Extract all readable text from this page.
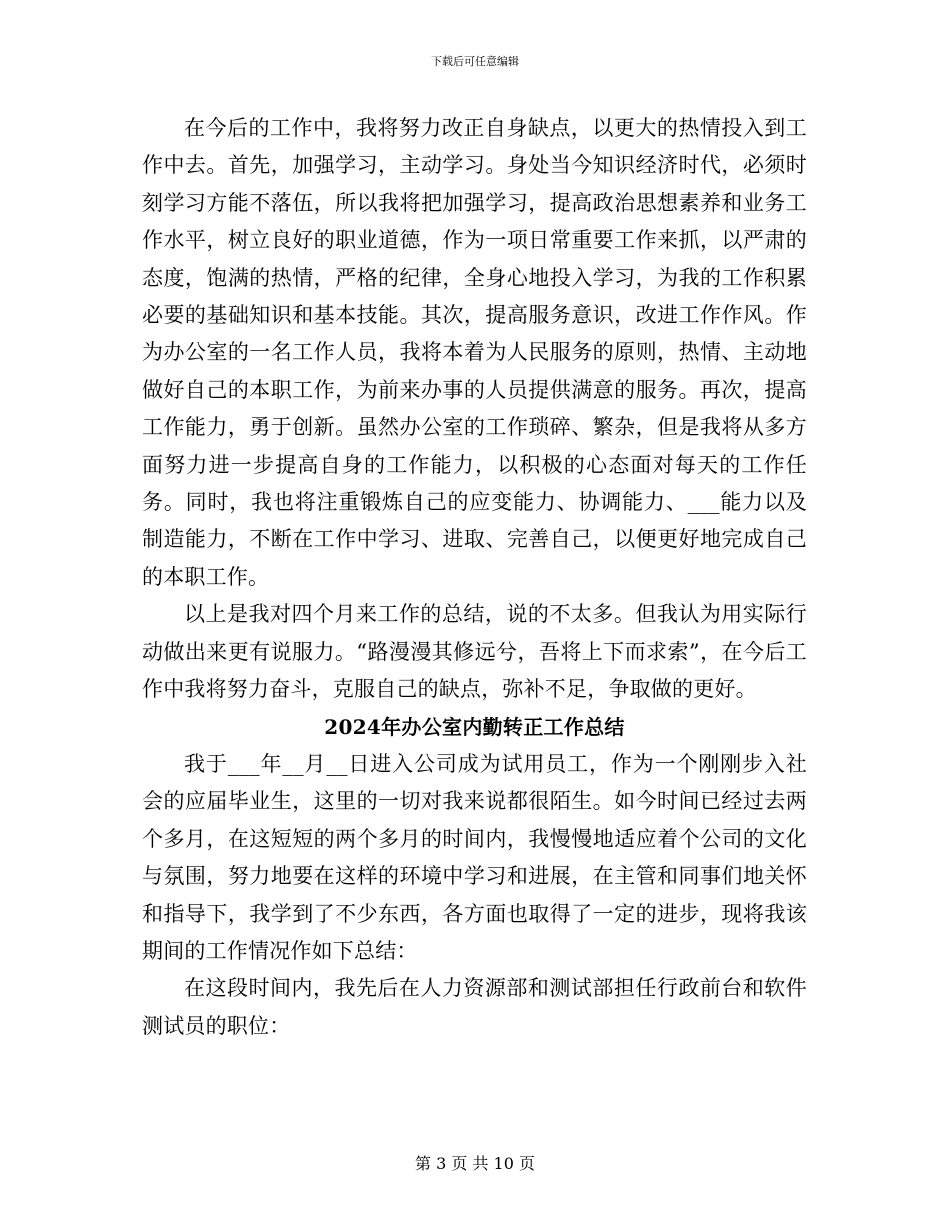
下载后可任意编辑

在今后的工作中，我将努力改正自身缺点，以更大的热情投入到工作中去。首先，加强学习，主动学习。身处当今知识经济时代，必须时刻学习方能不落伍，所以我将把加强学习，提高政治思想素养和业务工作水平，树立良好的职业道德，作为一项日常重要工作来抓，以严肃的态度，饱满的热情，严格的纪律，全身心地投入学习，为我的工作积累必要的基础知识和基本技能。其次，提高服务意识，改进工作作风。作为办公室的一名工作人员，我将本着为人民服务的原则，热情、主动地做好自己的本职工作，为前来办事的人员提供满意的服务。再次，提高工作能力，勇于创新。虽然办公室的工作琐碎、繁杂，但是我将从多方面努力进一步提高自身的工作能力，以积极的心态面对每天的工作任务。同时，我也将注重锻炼自己的应变能力、协调能力、___能力以及制造能力，不断在工作中学习、进取、完善自己，以便更好地完成自己的本职工作。

以上是我对四个月来工作的总结，说的不太多。但我认为用实际行动做出来更有说服力。“路漫漫其修远兮，吾将上下而求索”，在今后工作中我将努力奋斗，克服自己的缺点，弥补不足，争取做的更好。

2024年办公室内勤转正工作总结

我于___年__月__日进入公司成为试用员工，作为一个刚刚步入社会的应届毕业生，这里的一切对我来说都很陌生。如今时间已经过去两个多月，在这短短的两个多月的时间内，我慢慢地适应着个公司的文化与氛围，努力地要在这样的环境中学习和进展，在主管和同事们地关怀和指导下，我学到了不少东西，各方面也取得了一定的进步，现将我该期间的工作情况作如下总结：

在这段时间内，我先后在人力资源部和测试部担任行政前台和软件测试员的职位：

第 3 页 共 10 页
